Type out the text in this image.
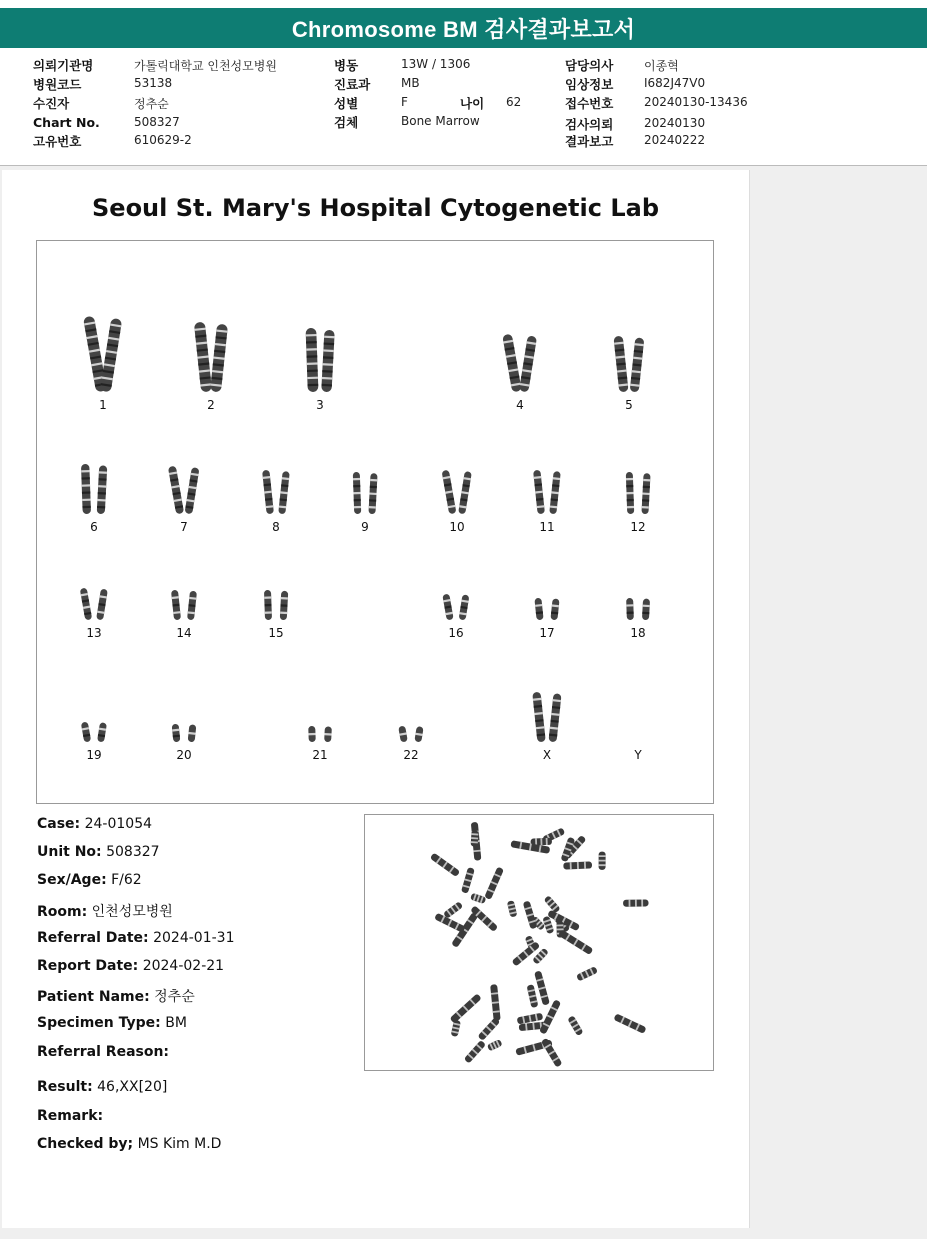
Chromosome BM 검사결과보고서
의뢰기관명	가톨릭대학교 인천성모병원
병원코드	53138
수진자	정추순
Chart No.	508327
고유번호	610629-2
병동	13W / 1306
진료과	MB
성별	F	나이 62
검체	Bone Marrow
담당의사	이종혁
임상정보	I682J47V0
접수번호	20240130-13436
검사의뢰	20240130
결과보고	20240222
Seoul St. Mary's Hospital Cytogenetic Lab
1	2	3	4	5
6	7	8	9	10	11	12
13	14	15	16	17	18
19	20	21	22	X	Y
Case: 24-01054
Unit No: 508327
Sex/Age: F/62
Room: 인천성모병원
Referral Date: 2024-01-31
Report Date: 2024-02-21
Patient Name: 정추순
Specimen Type: BM
Referral Reason:
Result: 46,XX[20]
Remark:
Checked by; MS Kim M.D
